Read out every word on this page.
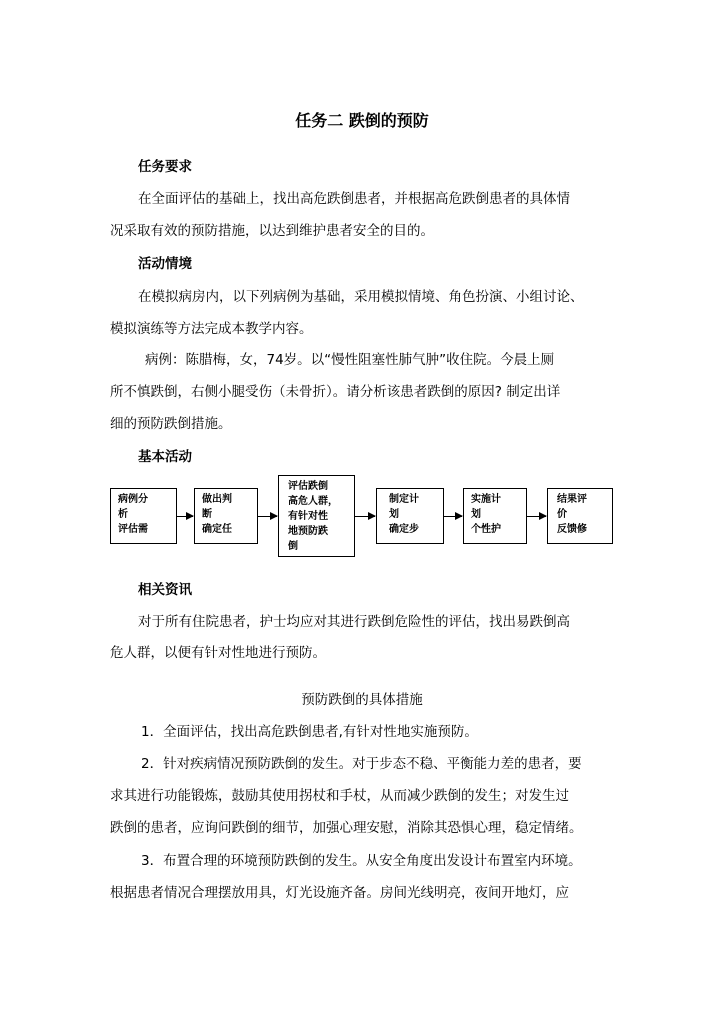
任务二 跌倒的预防
任务要求
在全面评估的基础上，找出高危跌倒患者，并根据高危跌倒患者的具体情
况采取有效的预防措施，以达到维护患者安全的目的。
活动情境
在模拟病房内，以下列病例为基础，采用模拟情境、角色扮演、小组讨论、
模拟演练等方法完成本教学内容。
病例：陈腊梅，女，74岁。以“慢性阻塞性肺气肿”收住院。今晨上厕
所不慎跌倒，右侧小腿受伤（未骨折）。请分析该患者跌倒的原因? 制定出详
细的预防跌倒措施。
基本活动
病例分
析
评估需
做出判
断
确定任
评估跌倒
高危人群，
有针对性
地预防跌
倒
制定计
划
确定步
实施计
划
个性护
结果评
价
反馈修
相关资讯
对于所有住院患者，护士均应对其进行跌倒危险性的评估，找出易跌倒高
危人群，以便有针对性地进行预防。
预防跌倒的具体措施
1．全面评估，找出高危跌倒患者,有针对性地实施预防。
2．针对疾病情况预防跌倒的发生。对于步态不稳、平衡能力差的患者，要
求其进行功能锻炼，鼓励其使用拐杖和手杖，从而减少跌倒的发生；对发生过
跌倒的患者，应询问跌倒的细节，加强心理安慰，消除其恐惧心理，稳定情绪。
3．布置合理的环境预防跌倒的发生。从安全角度出发设计布置室内环境。
根据患者情况合理摆放用具，灯光设施齐备。房间光线明亮，夜间开地灯，应
